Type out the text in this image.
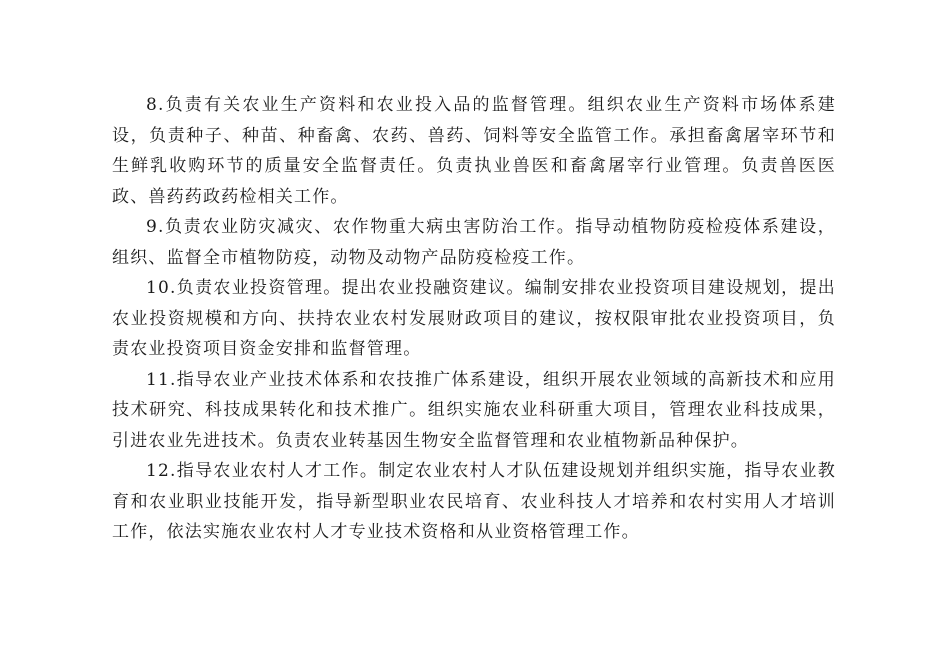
8.负责有关农业生产资料和农业投入品的监督管理。组织农业生产资料市场体系建设，负责种子、种苗、种畜禽、农药、兽药、饲料等安全监管工作。承担畜禽屠宰环节和生鲜乳收购环节的质量安全监督责任。负责执业兽医和畜禽屠宰行业管理。负责兽医医政、兽药药政药检相关工作。

9.负责农业防灾减灾、农作物重大病虫害防治工作。指导动植物防疫检疫体系建设，组织、监督全市植物防疫，动物及动物产品防疫检疫工作。

10.负责农业投资管理。提出农业投融资建议。编制安排农业投资项目建设规划，提出农业投资规模和方向、扶持农业农村发展财政项目的建议，按权限审批农业投资项目，负责农业投资项目资金安排和监督管理。

11.指导农业产业技术体系和农技推广体系建设，组织开展农业领域的高新技术和应用技术研究、科技成果转化和技术推广。组织实施农业科研重大项目，管理农业科技成果，引进农业先进技术。负责农业转基因生物安全监督管理和农业植物新品种保护。

12.指导农业农村人才工作。制定农业农村人才队伍建设规划并组织实施，指导农业教育和农业职业技能开发，指导新型职业农民培育、农业科技人才培养和农村实用人才培训工作，依法实施农业农村人才专业技术资格和从业资格管理工作。
